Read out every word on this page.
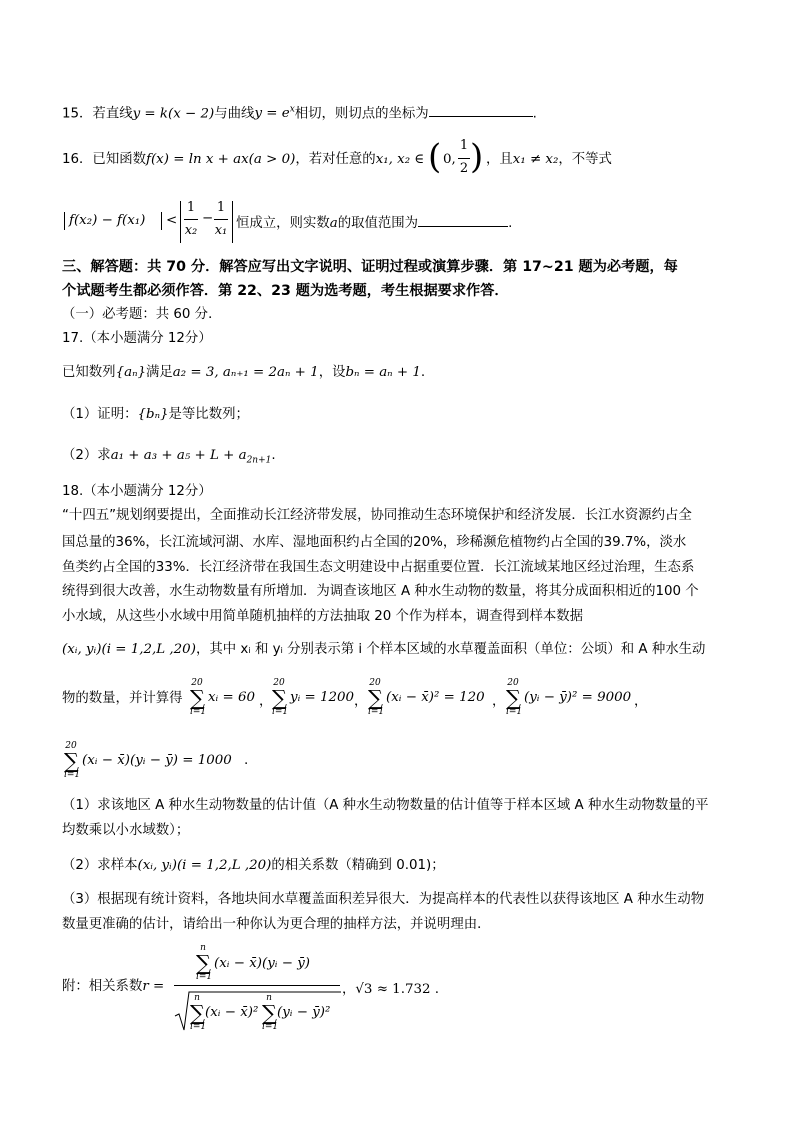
15．若直线y = k(x − 2)与曲线$y = e^x$相切，则切点的坐标为	.
16．已知函数f(x) = ln x + ax(a > 0)，若对任意的x₁, x₂ ∈ ( 0,
1
2 ) ，且x₁ ≠ x₂，不等式
f(x₂) − f(x₁) <
1
x₂
−
1
x₁ 恒成立，则实数a的取值范围为	.
三、解答题：共 70 分．解答应写出文字说明、证明过程或演算步骤．第 17~21 题为必考题，每
个试题考生都必须作答．第 22、23 题为选考题，考生根据要求作答．
（一）必考题：共 60 分．
17.（本小题满分 12分）
已知数列{aₙ}满足a₂ = 3, aₙ₊₁ = 2aₙ + 1，设bₙ = aₙ + 1.
（1）证明：{bₙ}是等比数列；
（2）求$a_1 + a_3 + a_5 + L + a_{2n+1}$.
18.（本小题满分 12分）
“十四五”规划纲要提出，全面推动长江经济带发展，协同推动生态环境保护和经济发展．长江水资源约占全
国总量的36%，长江流域河湖、水库、湿地面积约占全国的20%，珍稀濒危植物约占全国的39.7%，淡水
鱼类约占全国的33%．长江经济带在我国生态文明建设中占据重要位置．长江流域某地区经过治理，生态系
统得到很大改善，水生动物数量有所增加．为调查该地区 A 种水生动物的数量，将其分成面积相近的100 个
小水域，从这些小水域中用简单随机抽样的方法抽取 20 个作为样本，调查得到样本数据
(xᵢ, yᵢ)(i = 1,2,L ,20)，其中 xᵢ 和 yᵢ 分别表示第 i 个样本区域的水草覆盖面积（单位：公顷）和 A 种水生动
物的数量，并计算得
20
∑
i=1
xᵢ = 60 ，
20
∑
i=1
yᵢ = 1200 ，
20
∑
i=1
(xᵢ − x̄)² = 120 ，
20
∑
i=1
(yᵢ − ȳ)² = 9000 ，
20
∑
i=1
(xᵢ − x̄)(yᵢ − ȳ) = 1000 .
（1）求该地区 A 种水生动物数量的估计值（A 种水生动物数量的估计值等于样本区域 A 种水生动物数量的平
均数乘以小水域数）；
（2）求样本(xᵢ, yᵢ)(i = 1,2,L ,20)的相关系数（精确到 0.01)；
（3）根据现有统计资料，各地块间水草覆盖面积差异很大．为提高样本的代表性以获得该地区 A 种水生动物
数量更准确的估计，请给出一种你认为更合理的抽样方法，并说明理由．
附：相关系数r =
n
∑
i=1
(xᵢ − x̄)(yᵢ − ȳ)
n
∑
i=1
(xᵢ − x̄)²
n
∑
i=1
(yᵢ − ȳ)²
，√3 ≈ 1.732 .
